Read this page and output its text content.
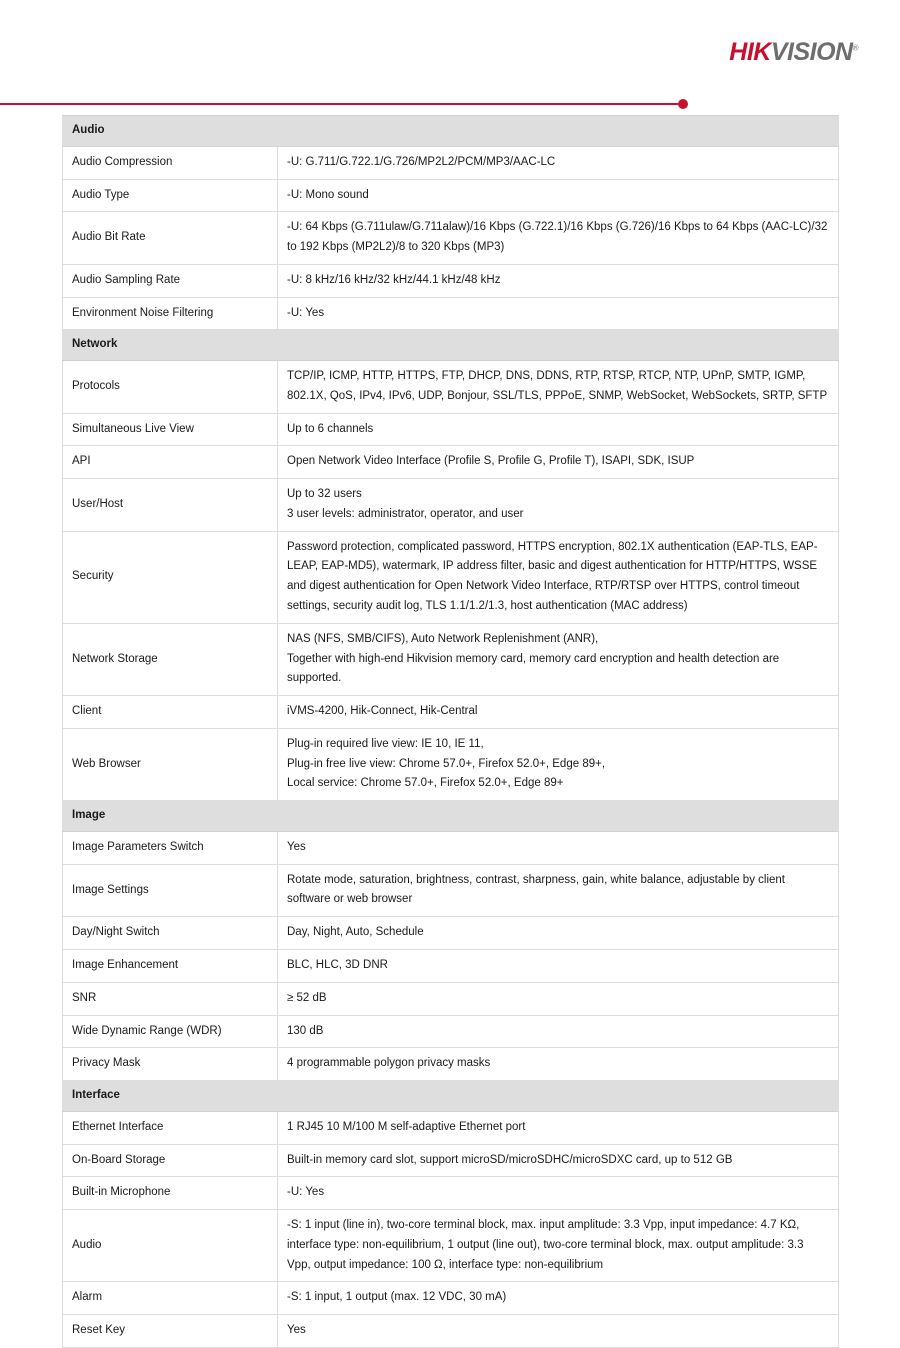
HIKVISION®
Audio	
Audio Compression	-U: G.711/G.722.1/G.726/MP2L2/PCM/MP3/AAC-LC

Audio Type	-U: Mono sound

Audio Bit Rate	-U: 64 Kbps (G.711ulaw/G.711alaw)/16 Kbps (G.722.1)/16 Kbps (G.726)/16 Kbps to 64 Kbps (AAC-LC)/32 to 192 Kbps (MP2L2)/8 to 320 Kbps (MP3)

Audio Sampling Rate	-U: 8 kHz/16 kHz/32 kHz/44.1 kHz/48 kHz

Environment Noise Filtering	-U: Yes

Network	
Protocols	TCP/IP, ICMP, HTTP, HTTPS, FTP, DHCP, DNS, DDNS, RTP, RTSP, RTCP, NTP, UPnP, SMTP, IGMP, 802.1X, QoS, IPv4, IPv6, UDP, Bonjour, SSL/TLS, PPPoE, SNMP, WebSocket, WebSockets, SRTP, SFTP

Simultaneous Live View	Up to 6 channels

API	Open Network Video Interface (Profile S, Profile G, Profile T), ISAPI, SDK, ISUP

User/Host	Up to 32 users
3 user levels: administrator, operator, and user

Security	Password protection, complicated password, HTTPS encryption, 802.1X authentication (EAP-TLS, EAP-LEAP, EAP-MD5), watermark, IP address filter, basic and digest authentication for HTTP/HTTPS, WSSE and digest authentication for Open Network Video Interface, RTP/RTSP over HTTPS, control timeout settings, security audit log, TLS 1.1/1.2/1.3, host authentication (MAC address)

Network Storage	NAS (NFS, SMB/CIFS), Auto Network Replenishment (ANR),
Together with high-end Hikvision memory card, memory card encryption and health detection are supported.

Client	iVMS-4200, Hik-Connect, Hik-Central

Web Browser	Plug-in required live view: IE 10, IE 11,
Plug-in free live view: Chrome 57.0+, Firefox 52.0+, Edge 89+,
Local service: Chrome 57.0+, Firefox 52.0+, Edge 89+

Image	
Image Parameters Switch	Yes

Image Settings	Rotate mode, saturation, brightness, contrast, sharpness, gain, white balance, adjustable by client software or web browser

Day/Night Switch	Day, Night, Auto, Schedule

Image Enhancement	BLC, HLC, 3D DNR

SNR	≥ 52 dB

Wide Dynamic Range (WDR)	130 dB

Privacy Mask	4 programmable polygon privacy masks

Interface	
Ethernet Interface	1 RJ45 10 M/100 M self-adaptive Ethernet port

On-Board Storage	Built-in memory card slot, support microSD/microSDHC/microSDXC card, up to 512 GB

Built-in Microphone	-U: Yes

Audio	-S: 1 input (line in), two-core terminal block, max. input amplitude: 3.3 Vpp, input impedance: 4.7 KΩ, interface type: non-equilibrium, 1 output (line out), two-core terminal block, max. output amplitude: 3.3 Vpp, output impedance: 100 Ω, interface type: non-equilibrium

Alarm	-S: 1 input, 1 output (max. 12 VDC, 30 mA)

Reset Key	Yes
